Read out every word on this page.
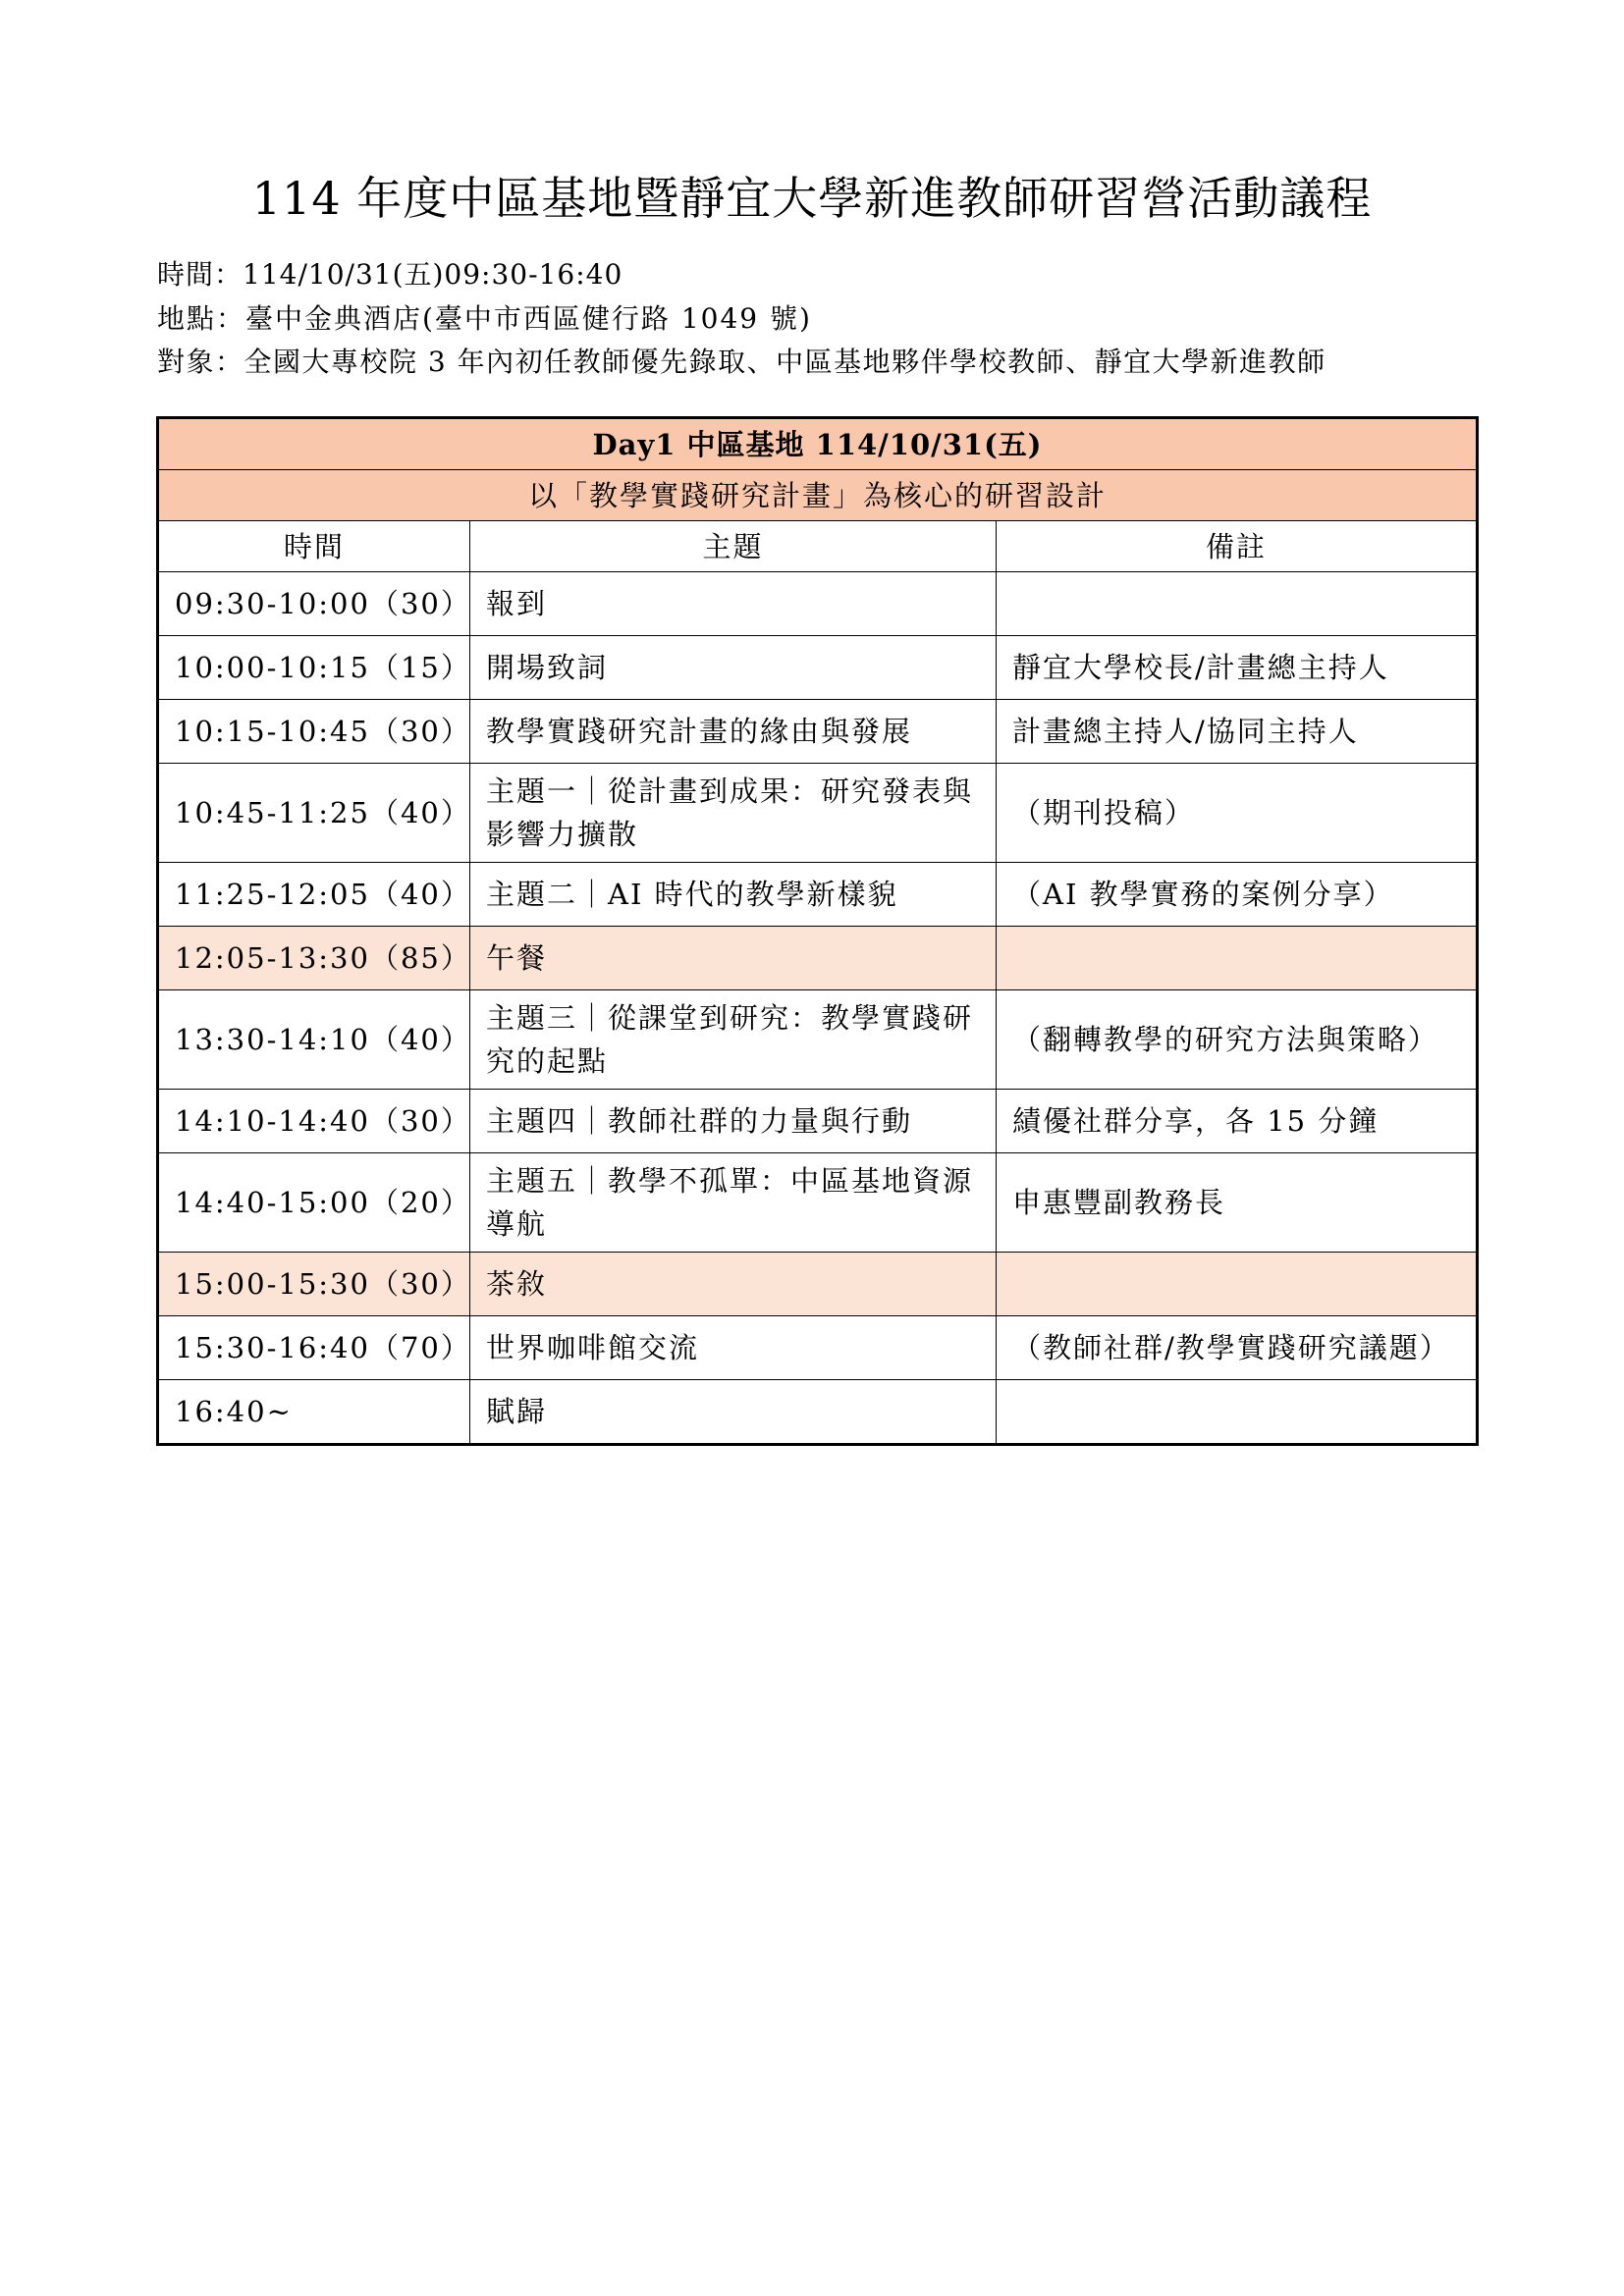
114 年度中區基地暨靜宜大學新進教師研習營活動議程
時間：114/10/31(五)09:30-16:40
地點：臺中金典酒店(臺中市西區健行路 1049 號)
對象：全國大專校院 3 年內初任教師優先錄取、中區基地夥伴學校教師、靜宜大學新進教師
Day1 中區基地 114/10/31(五)		
以「教學實踐研究計畫」為核心的研習設計		
時間	主題	備註
09:30-10:00（30）	報到	
10:00-10:15（15）	開場致詞	靜宜大學校長/計畫總主持人
10:15-10:45（30）	教學實踐研究計畫的緣由與發展	計畫總主持人/協同主持人
10:45-11:25（40）	主題一｜從計畫到成果：研究發表與影響力擴散	（期刊投稿）
11:25-12:05（40）	主題二｜AI 時代的教學新樣貌	（AI 教學實務的案例分享）
12:05-13:30（85）	午餐	
13:30-14:10（40）	主題三｜從課堂到研究：教學實踐研究的起點	（翻轉教學的研究方法與策略）
14:10-14:40（30）	主題四｜教師社群的力量與行動	績優社群分享，各 15 分鐘
14:40-15:00（20）	主題五｜教學不孤單：中區基地資源導航	申惠豐副教務長
15:00-15:30（30）	茶敘	
15:30-16:40（70）	世界咖啡館交流	（教師社群/教學實踐研究議題）
16:40~	賦歸	
